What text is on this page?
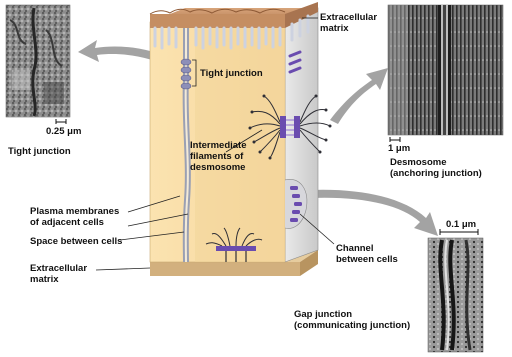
Extracellular
matrix
Tight junction
Intermediate
filaments of
desmosome
Plasma membranes
of adjacent cells
Space between cells
Extracellular
matrix
Channel
between cells
Tight junction
Desmosome
(anchoring junction)
Gap junction
(communicating junction)
0.25 μm
1 μm
0.1 μm
